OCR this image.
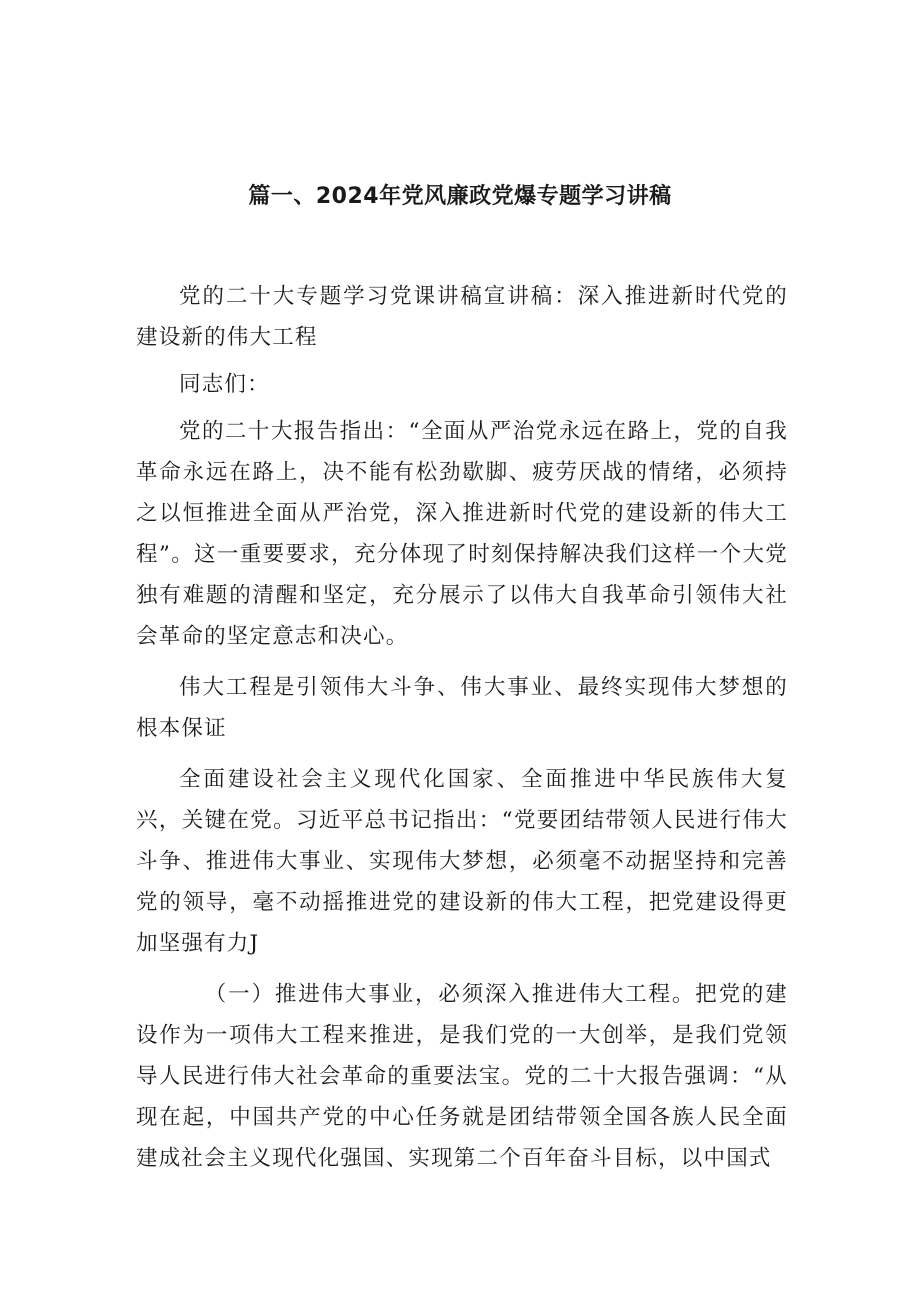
篇一、2024年党风廉政党爆专题学习讲稿

党的二十大专题学习党课讲稿宣讲稿：深入推进新时代党的建设新的伟大工程

同志们：

党的二十大报告指出：“全面从严治党永远在路上，党的自我革命永远在路上，决不能有松劲歇脚、疲劳厌战的情绪，必须持之以恒推进全面从严治党，深入推进新时代党的建设新的伟大工程”。这一重要要求，充分体现了时刻保持解决我们这样一个大党独有难题的清醒和坚定，充分展示了以伟大自我革命引领伟大社会革命的坚定意志和决心。

伟大工程是引领伟大斗争、伟大事业、最终实现伟大梦想的根本保证

全面建设社会主义现代化国家、全面推进中华民族伟大复兴，关键在党。习近平总书记指出：“党要团结带领人民进行伟大斗争、推进伟大事业、实现伟大梦想，必须毫不动据坚持和完善党的领导，毫不动摇推进党的建设新的伟大工程，把党建设得更加坚强有力J

（一）推进伟大事业，必须深入推进伟大工程。把党的建设作为一项伟大工程来推进，是我们党的一大创举，是我们党领导人民进行伟大社会革命的重要法宝。党的二十大报告强调：“从现在起，中国共产党的中心任务就是团结带领全国各族人民全面建成社会主义现代化强国、实现第二个百年奋斗目标，以中国式
